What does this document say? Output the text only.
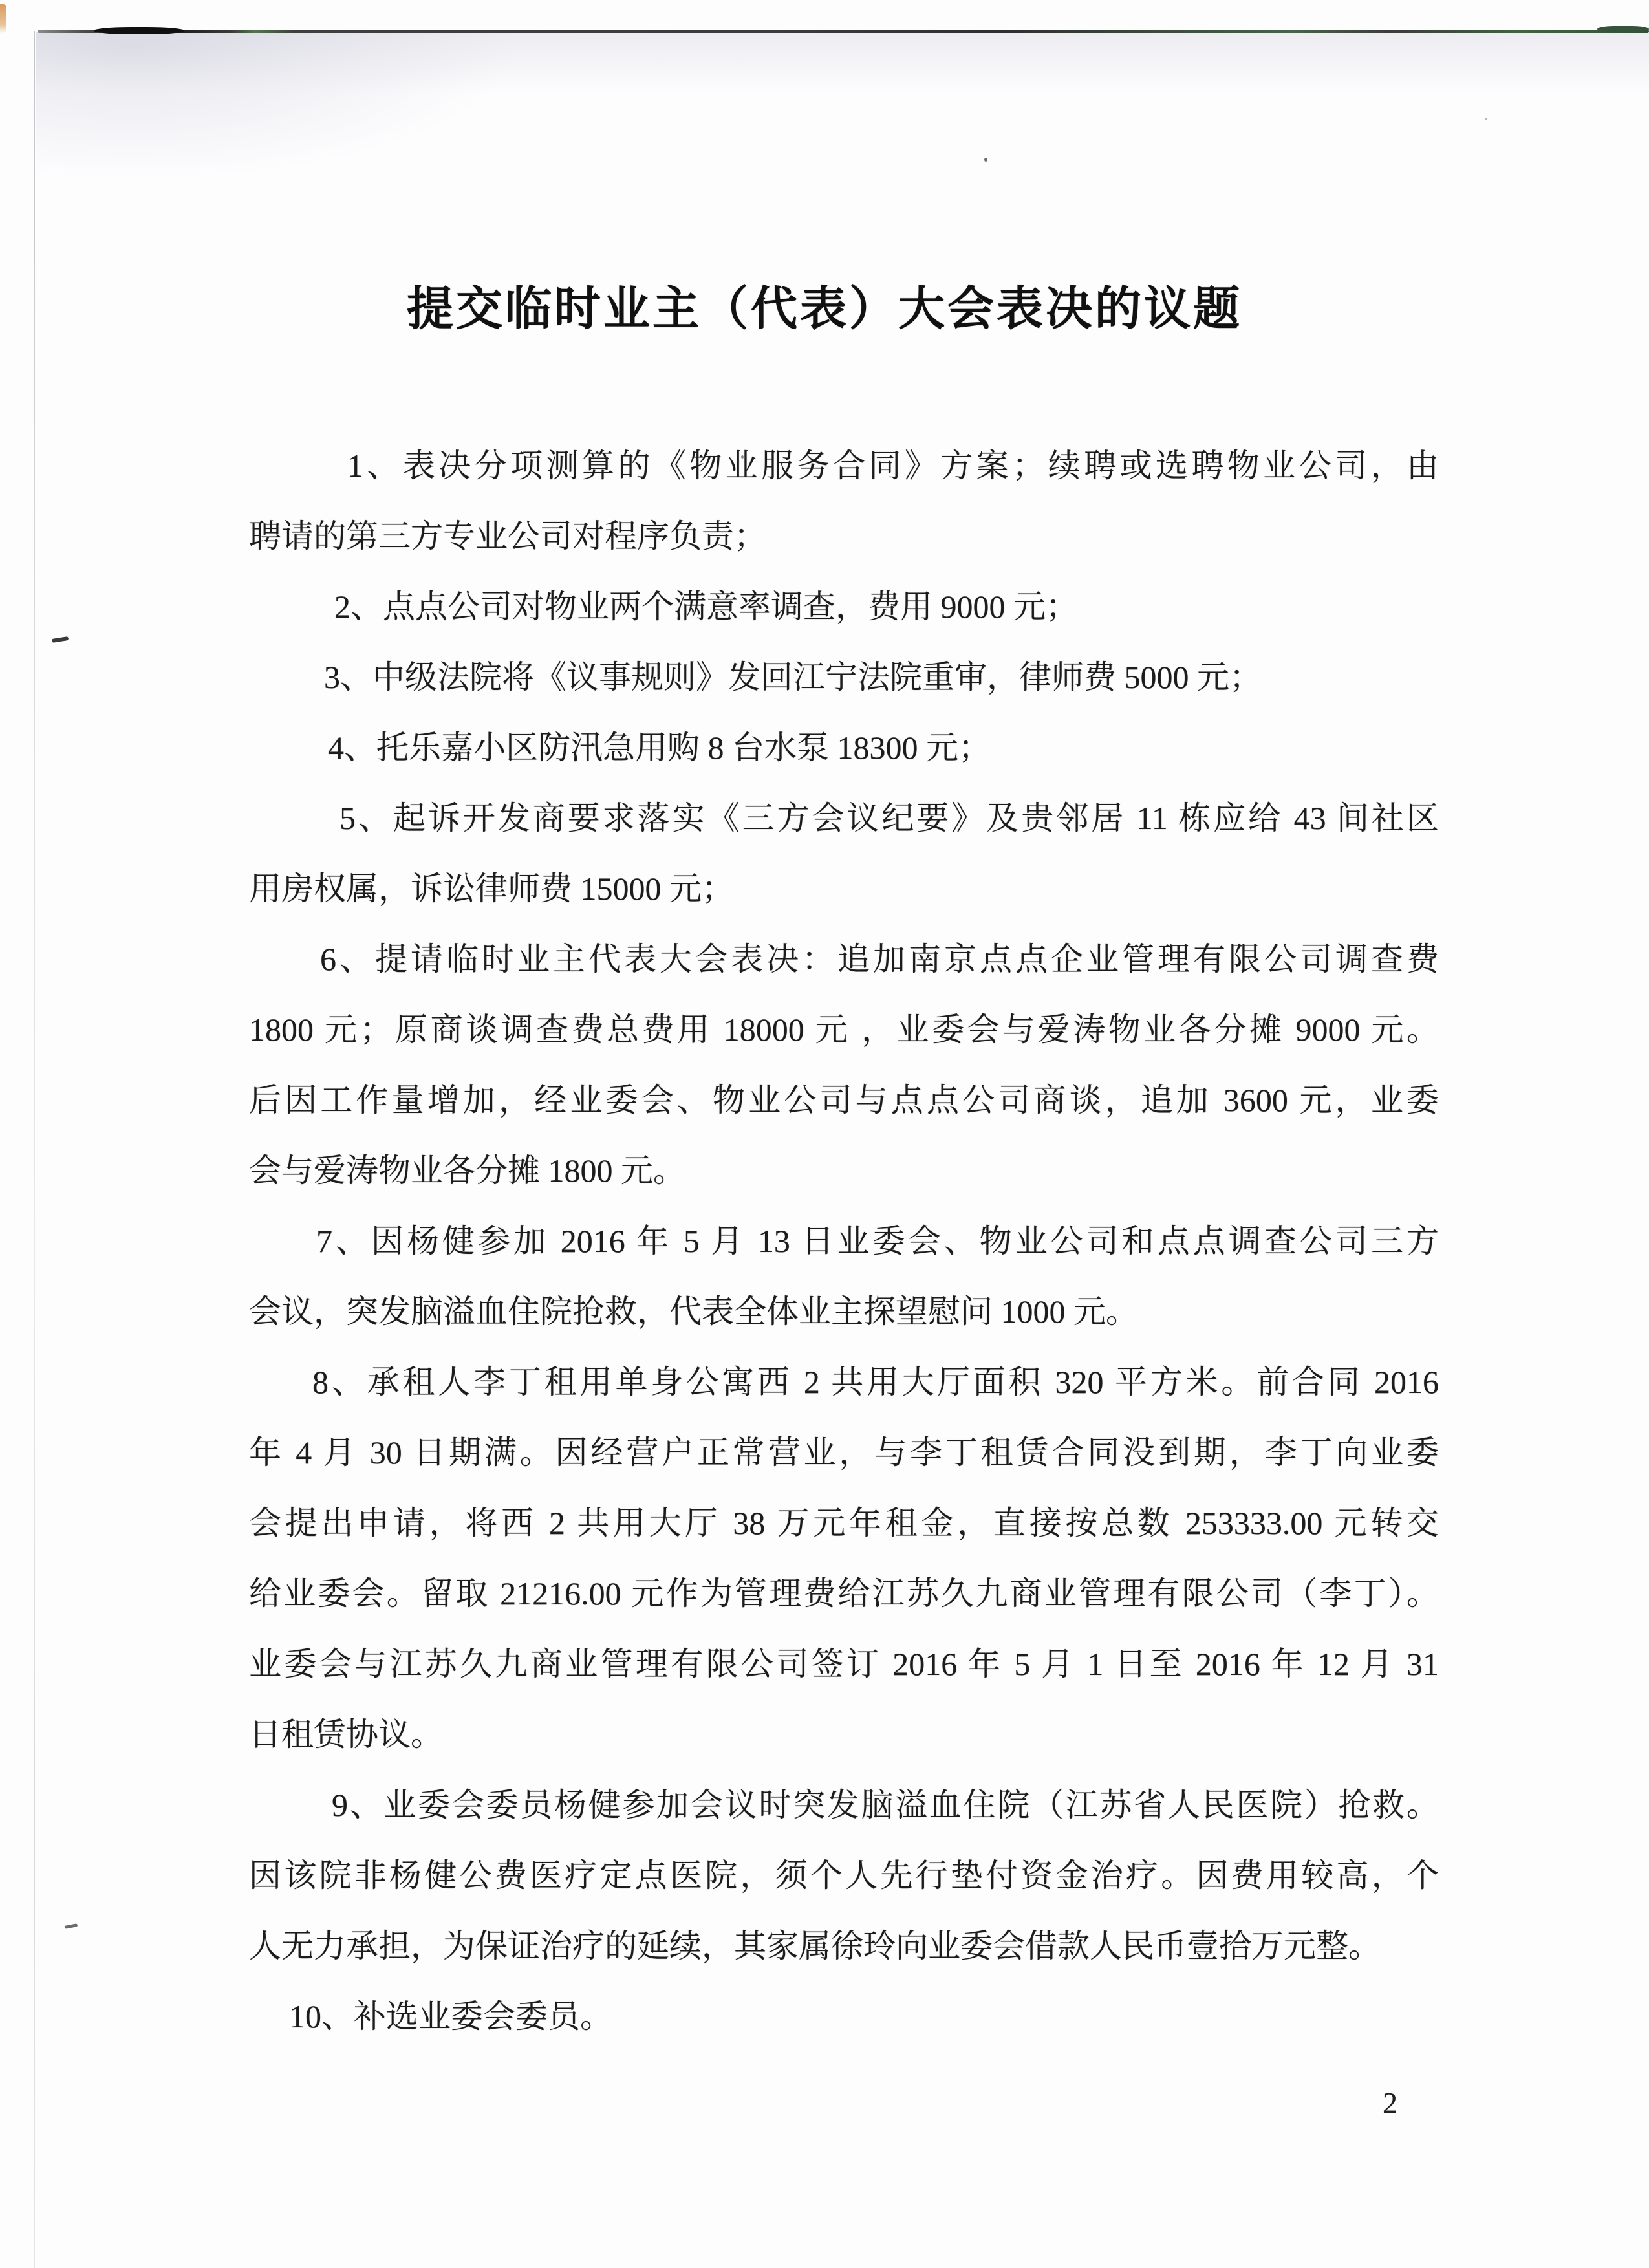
提交临时业主（代表）大会表决的议题
1、表决分项测算的《物业服务合同》方案；续聘或选聘物业公司，由
聘请的第三方专业公司对程序负责；
2、点点公司对物业两个满意率调查，费用 9000 元；
3、中级法院将《议事规则》发回江宁法院重审，律师费 5000 元；
4、托乐嘉小区防汛急用购 8 台水泵 18300 元；
5、起诉开发商要求落实《三方会议纪要》及贵邻居 11 栋应给 43 间社区
用房权属，诉讼律师费 15000 元；
6、提请临时业主代表大会表决：追加南京点点企业管理有限公司调查费
1800 元；原商谈调查费总费用 18000 元 ，业委会与爱涛物业各分摊 9000 元。
后因工作量增加，经业委会、物业公司与点点公司商谈，追加 3600 元，业委
会与爱涛物业各分摊 1800 元。
7、因杨健参加 2016 年 5 月 13 日业委会、物业公司和点点调查公司三方
会议，突发脑溢血住院抢救，代表全体业主探望慰问 1000 元。
8、承租人李丁租用单身公寓西 2 共用大厅面积 320 平方米。前合同 2016
年 4 月 30 日期满。因经营户正常营业，与李丁租赁合同没到期，李丁向业委
会提出申请，将西 2 共用大厅 38 万元年租金，直接按总数 253333.00 元转交
给业委会。留取 21216.00 元作为管理费给江苏久九商业管理有限公司（李丁）。
业委会与江苏久九商业管理有限公司签订 2016 年 5 月 1 日至 2016 年 12 月 31
日租赁协议。
9、业委会委员杨健参加会议时突发脑溢血住院（江苏省人民医院）抢救。
因该院非杨健公费医疗定点医院，须个人先行垫付资金治疗。因费用较高，个
人无力承担，为保证治疗的延续，其家属徐玲向业委会借款人民币壹拾万元整。
10、补选业委会委员。
2
